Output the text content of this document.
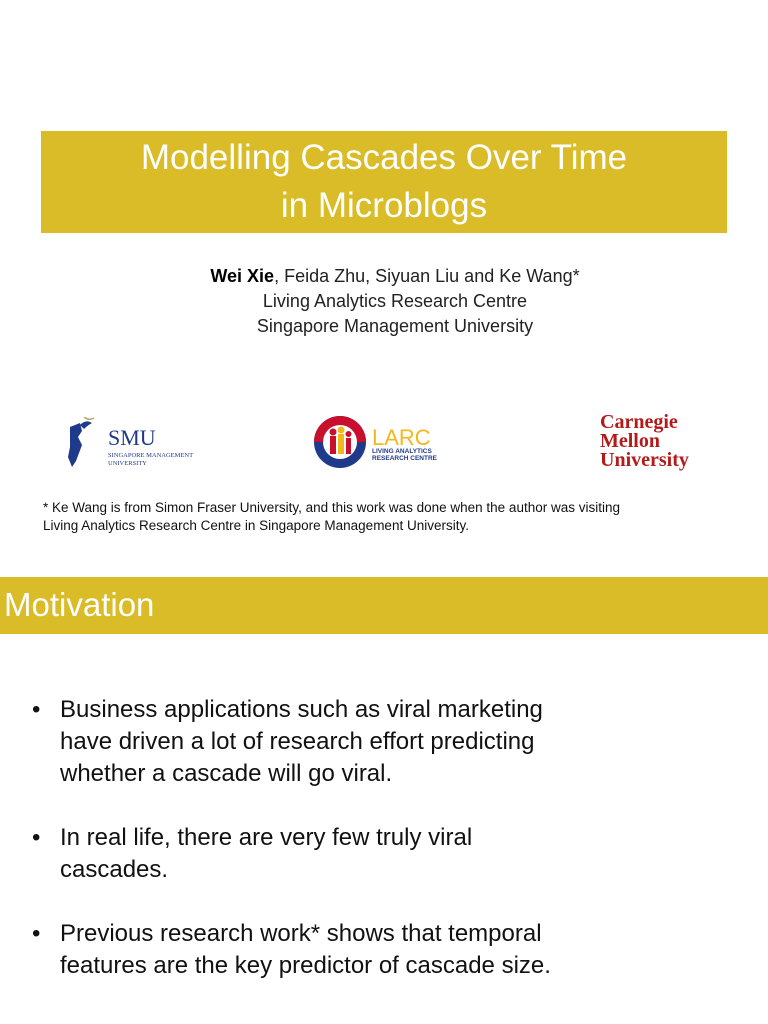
Modelling Cascades Over Time
in Microblogs
Wei Xie, Feida Zhu, Siyuan Liu and Ke Wang*
Living Analytics Research Centre
Singapore Management University
SMU
SINGAPORE MANAGEMENT
UNIVERSITY
LARC
LIVING ANALYTICS
RESEARCH CENTRE
Carnegie
Mellon
University
* Ke Wang is from Simon Fraser University, and this work was done when the author was visiting
Living Analytics Research Centre in Singapore Management University.
Motivation
• Business applications such as viral marketing
have driven a lot of research effort predicting
whether a cascade will go viral.
• In real life, there are very few truly viral
cascades.
• Previous research work* shows that temporal
features are the key predictor of cascade size.
